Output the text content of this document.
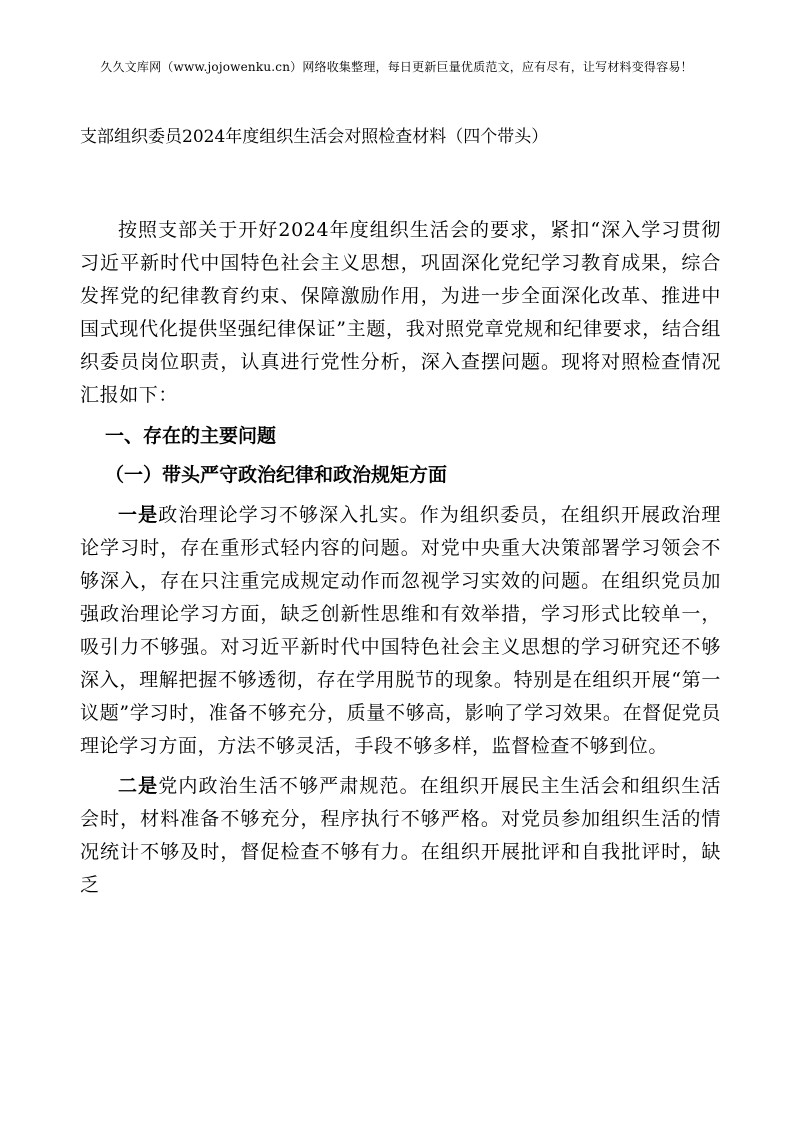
久久文库网（www.jojowenku.cn）网络收集整理，每日更新巨量优质范文，应有尽有，让写材料变得容易！
支部组织委员2024年度组织生活会对照检查材料（四个带头）

按照支部关于开好2024年度组织生活会的要求，紧扣“深入学习贯彻习近平新时代中国特色社会主义思想，巩固深化党纪学习教育成果，综合发挥党的纪律教育约束、保障激励作用，为进一步全面深化改革、推进中国式现代化提供坚强纪律保证”主题，我对照党章党规和纪律要求，结合组织委员岗位职责，认真进行党性分析，深入查摆问题。现将对照检查情况汇报如下：

一、存在的主要问题
（一）带头严守政治纪律和政治规矩方面

一是政治理论学习不够深入扎实。作为组织委员，在组织开展政治理论学习时，存在重形式轻内容的问题。对党中央重大决策部署学习领会不够深入，存在只注重完成规定动作而忽视学习实效的问题。在组织党员加强政治理论学习方面，缺乏创新性思维和有效举措，学习形式比较单一，吸引力不够强。对习近平新时代中国特色社会主义思想的学习研究还不够深入，理解把握不够透彻，存在学用脱节的现象。特别是在组织开展“第一议题”学习时，准备不够充分，质量不够高，影响了学习效果。在督促党员理论学习方面，方法不够灵活，手段不够多样，监督检查不够到位。

二是党内政治生活不够严肃规范。在组织开展民主生活会和组织生活会时，材料准备不够充分，程序执行不够严格。对党员参加组织生活的情况统计不够及时，督促检查不够有力。在组织开展批评和自我批评时，缺乏
